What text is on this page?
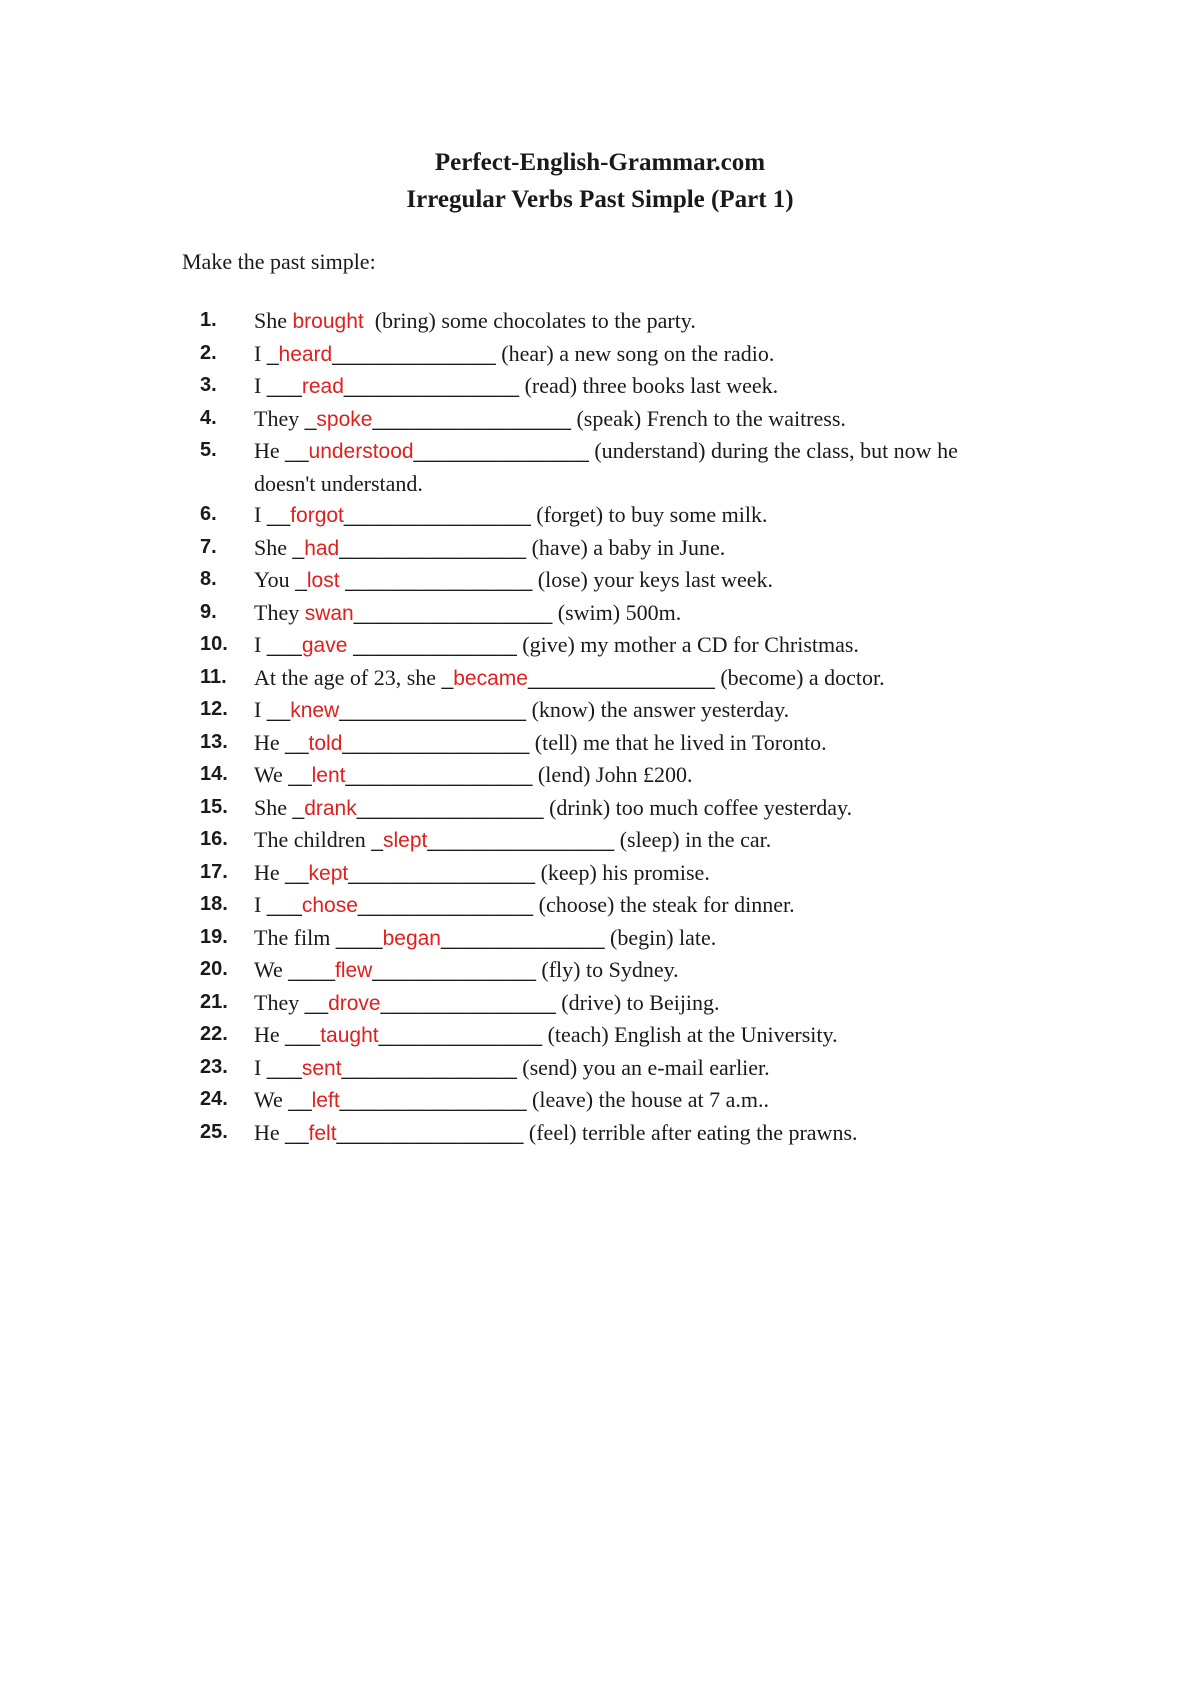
Perfect-English-Grammar.com
Irregular Verbs Past Simple (Part 1)
Make the past simple:
1.	She brought  (bring) some chocolates to the party.
2.	I _heard______________ (hear) a new song on the radio.
3.	I ___read_______________ (read) three books last week.
4.	They _spoke_________________ (speak) French to the waitress.
5.	He __understood_______________ (understand) during the class, but now he doesn't understand.
6.	I __forgot________________ (forget) to buy some milk.
7.	She _had________________ (have) a baby in June.
8.	You _lost ________________ (lose) your keys last week.
9.	They swan_________________ (swim) 500m.
10.	I ___gave ______________ (give) my mother a CD for Christmas.
11.	At the age of 23, she _became________________ (become) a doctor.
12.	I __knew________________ (know) the answer yesterday.
13.	He __told________________ (tell) me that he lived in Toronto.
14.	We __lent________________ (lend) John £200.
15.	She _drank________________ (drink) too much coffee yesterday.
16.	The children _slept________________ (sleep) in the car.
17.	He __kept________________ (keep) his promise.
18.	I ___chose_______________ (choose) the steak for dinner.
19.	The film ____began______________ (begin) late.
20.	We ____flew______________ (fly) to Sydney.
21.	They __drove_______________ (drive) to Beijing.
22.	He ___taught______________ (teach) English at the University.
23.	I ___sent_______________ (send) you an e-mail earlier.
24.	We __left________________ (leave) the house at 7 a.m..
25.	He __felt________________ (feel) terrible after eating the prawns.
